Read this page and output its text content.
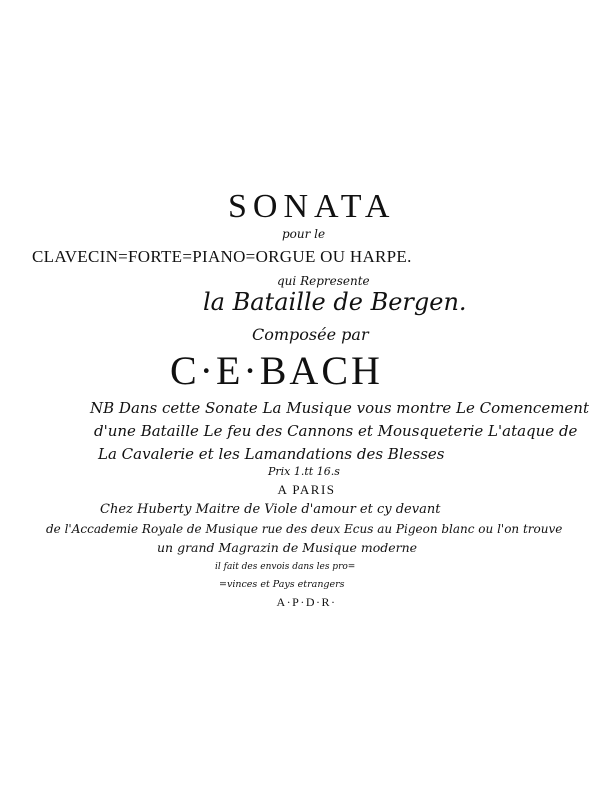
SONATA
pour le
CLAVECIN=FORTE=PIANO=ORGUE OU HARPE.
qui Represente
la Bataille de Bergen.
Composée par
C·E·BACH
NB Dans cette Sonate La Musique vous montre Le Comencement
d'une Bataille Le feu des Cannons et Mousqueterie L'ataque de
La Cavalerie et les Lamandations des Blesses
Prix 1.tt 16.s
A PARIS
Chez Huberty Maitre de Viole d'amour et cy devant
de l'Accademie Royale de Musique rue des deux Ecus au Pigeon blanc ou l'on trouve
un grand Magrazin de Musique moderne
il fait des envois dans les pro=
=vinces et Pays etrangers
A·P·D·R·
